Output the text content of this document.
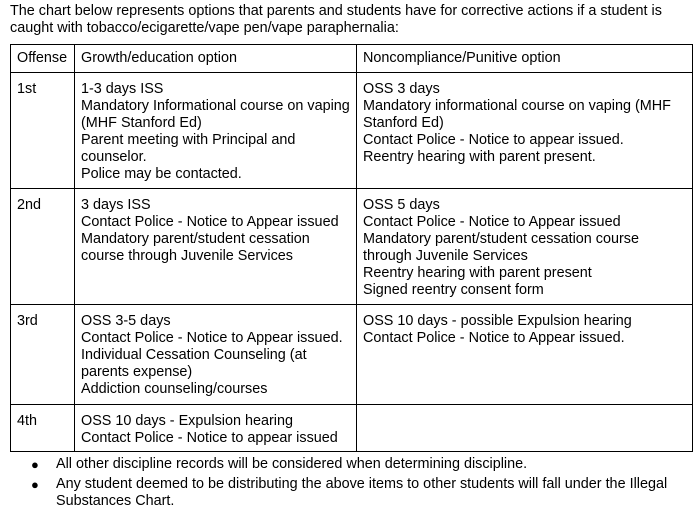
The chart below represents options that parents and students have for corrective actions if a student is caught with tobacco/ecigarette/vape pen/vape paraphernalia:

Offense	Growth/education option	Noncompliance/Punitive option
1st	1-3 days ISS
Mandatory Informational course on vaping (MHF Stanford Ed)
Parent meeting with Principal and counselor.
Police may be contacted.	OSS 3 days
Mandatory informational course on vaping (MHF Stanford Ed)
Contact Police - Notice to appear issued.
Reentry hearing with parent present.

2nd	3 days ISS
Contact Police - Notice to Appear issued
Mandatory parent/student cessation course through Juvenile Services	OSS 5 days
Contact Police - Notice to Appear issued
Mandatory parent/student cessation course through Juvenile Services
Reentry hearing with parent present
Signed reentry consent form

3rd	OSS 3-5 days
Contact Police - Notice to Appear issued.
Individual Cessation Counseling (at parents expense)
Addiction counseling/courses	OSS 10 days - possible Expulsion hearing
Contact Police - Notice to Appear issued.

4th	OSS 10 days - Expulsion hearing
Contact Police - Notice to appear issued	

● All other discipline records will be considered when determining discipline.
● Any student deemed to be distributing the above items to other students will fall under the Illegal Substances Chart.
